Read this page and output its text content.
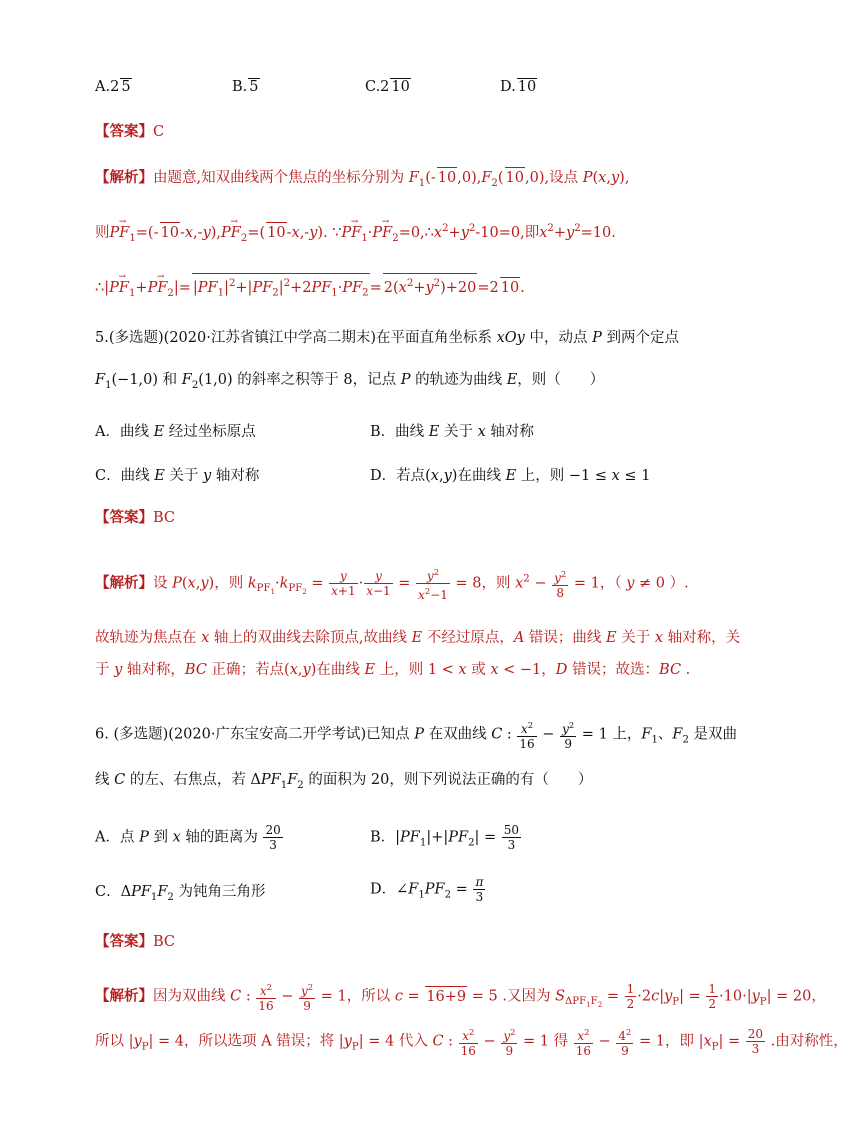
A.2 5	B. 5	C.2 10	D. 10
【答案】C
【解析】由题意,知双曲线两个焦点的坐标分别为 $F_1(-$ $10,0),F_2$( 10,0),设点 P(x,y),
则→ $PF_1=(-$ $10-x,-y),\to PF_2=$( 10-x,-y). ∵→ $PF_1\cdot\to$ $PF_2=0,\therefore x^2+y^2-10=0$,即$x^2+y^2=10$.
∴|→ $PF_1+\to PF_2|= |PF_1|^2+|PF_2|^2+2PF_1\cdot PF_2= 2(x^2+y^2)+20=2$ 10.
5.(多选题)(2020·江苏省镇江中学高二期末)在平面直角坐标系 xOy 中，动点 P 到两个定点
$F_1(-1,0)$ 和 $F_2(1,0)$ 的斜率之积等于 8，记点 P 的轨迹为曲线 E，则（　　）
A．曲线 E 经过坐标原点	B．曲线 E 关于 x 轴对称
C．曲线 E 关于 y 轴对称	D．若点(x,y)在曲线 E 上，则 −1 ≤ x ≤ 1
【答案】BC
【解析】设 P(x,y)，则 $k_{PF_1}\cdot k_{PF_2} = \frac{y}{x+1} \cdot \frac{y}{x-1} = \frac{y^2}{x^2-1} = 8$，则 $x^2 - \frac{y^2}{8} = 1$，（ y ≠ 0 ）.
故轨迹为焦点在 x 轴上的双曲线去除顶点,故曲线 E 不经过原点，A 错误；曲线 E 关于 x 轴对称，关
于 y 轴对称，BC 正确；若点(x,y)在曲线 E 上，则 1 < x 或 x < −1，D 错误；故选：BC .
6. (多选题)(2020·广东宝安高二开学考试)已知点 P 在双曲线 C : $\frac{x^2}{16} - \frac{y^2}{9} = 1$ 上，$F_1$、$F_2$ 是双曲
线 C 的左、右焦点，若 $\Delta PF_1F_2$ 的面积为 20，则下列说法正确的有（　　）
A．点 P 到 x 轴的距离为 $\frac{20}{3}$	B．$|PF_1|+|PF_2| = \frac{50}{3}$
C．$\Delta PF_1F_2$ 为钝角三角形	D．$\angle F_1PF_2 = \frac{\pi}{3}$
【答案】BC
【解析】因为双曲线 C : $\frac{x^2}{16} - \frac{y^2}{9} = 1$，所以 c = 16+9 = 5 .又因为 $S_{\Delta PF_1F_2} = \frac{1}{2} \cdot 2c|y_P| = \frac{1}{2} \cdot 10\cdot|y_P| = 20$，
所以 $|y_P| = 4$，所以选项 A 错误；将 $|y_P| = 4$ 代入 C : $\frac{x^2}{16} - \frac{y^2}{9} = 1$ 得 $\frac{x^2}{16} - \frac{4^2}{9} = 1$，即 $|x_P| = \frac{20}{3}$ .由对称性，
